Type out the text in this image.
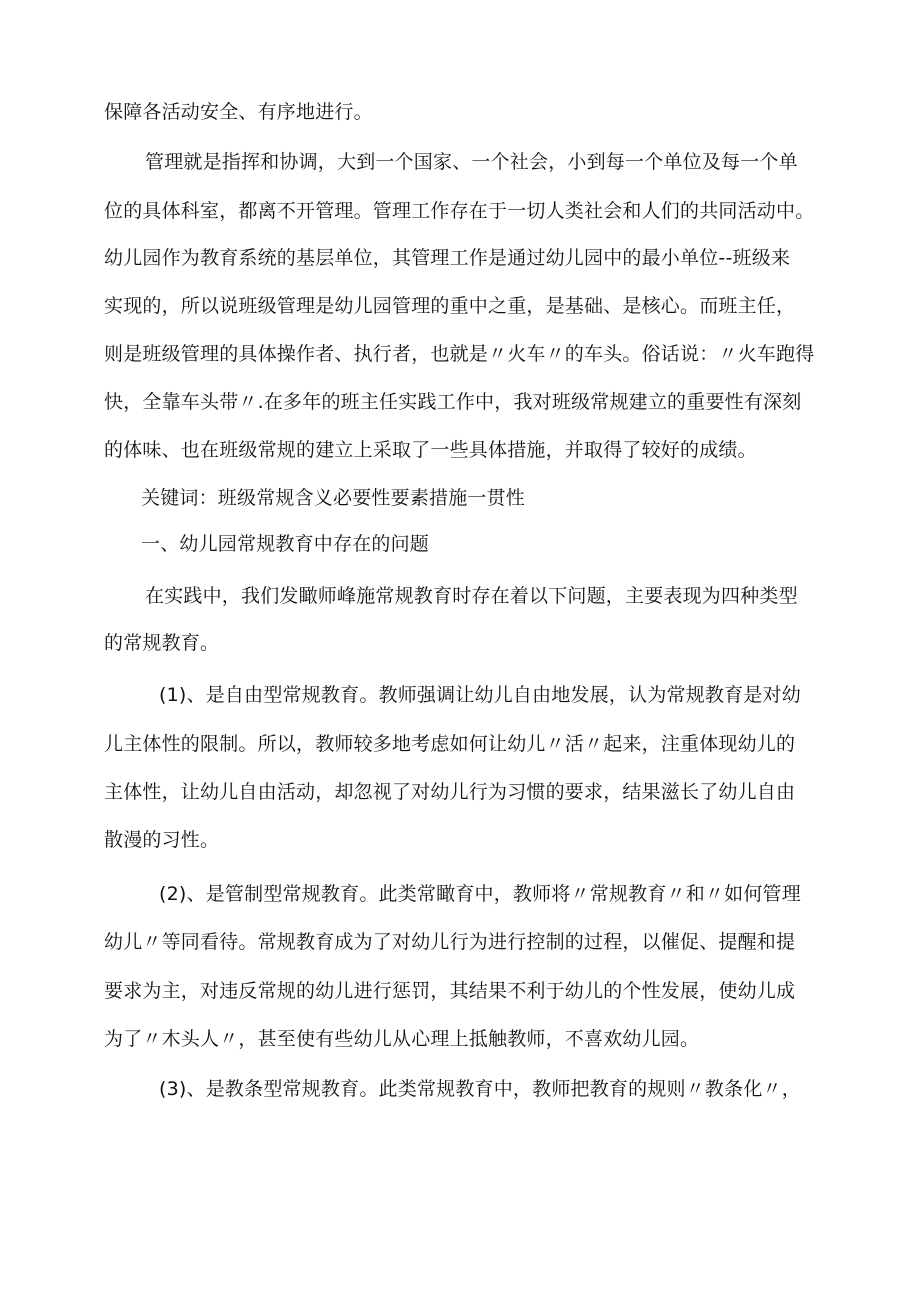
保障各活动安全、有序地进行。
管理就是指挥和协调，大到一个国家、一个社会，小到每一个单位及每一个单
位的具体科室，都离不开管理。管理工作存在于一切人类社会和人们的共同活动中。
幼儿园作为教育系统的基层单位，其管理工作是通过幼儿园中的最小单位--班级来
实现的，所以说班级管理是幼儿园管理的重中之重，是基础、是核心。而班主任，
则是班级管理的具体操作者、执行者，也就是〃火车〃的车头。俗话说：〃火车跑得
快，全靠车头带〃.在多年的班主任实践工作中，我对班级常规建立的重要性有深刻
的体味、也在班级常规的建立上采取了一些具体措施，并取得了较好的成绩。
关键词：班级常规含义必要性要素措施一贯性
一、幼儿园常规教育中存在的问题
在实践中，我们发瞰师峰施常规教育时存在着以下问题，主要表现为四种类型
的常规教育。
(1)、是自由型常规教育。教师强调让幼儿自由地发展，认为常规教育是对幼
儿主体性的限制。所以，教师较多地考虑如何让幼儿〃活〃起来，注重体现幼儿的
主体性，让幼儿自由活动，却忽视了对幼儿行为习惯的要求，结果滋长了幼儿自由
散漫的习性。
(2)、是管制型常规教育。此类常瞰育中，教师将〃常规教育〃和〃如何管理
幼儿〃等同看待。常规教育成为了对幼儿行为进行控制的过程，以催促、提醒和提
要求为主，对违反常规的幼儿进行惩罚，其结果不利于幼儿的个性发展，使幼儿成
为了〃木头人〃，甚至使有些幼儿从心理上抵触教师，不喜欢幼儿园。
(3)、是教条型常规教育。此类常规教育中，教师把教育的规则〃教条化〃，
